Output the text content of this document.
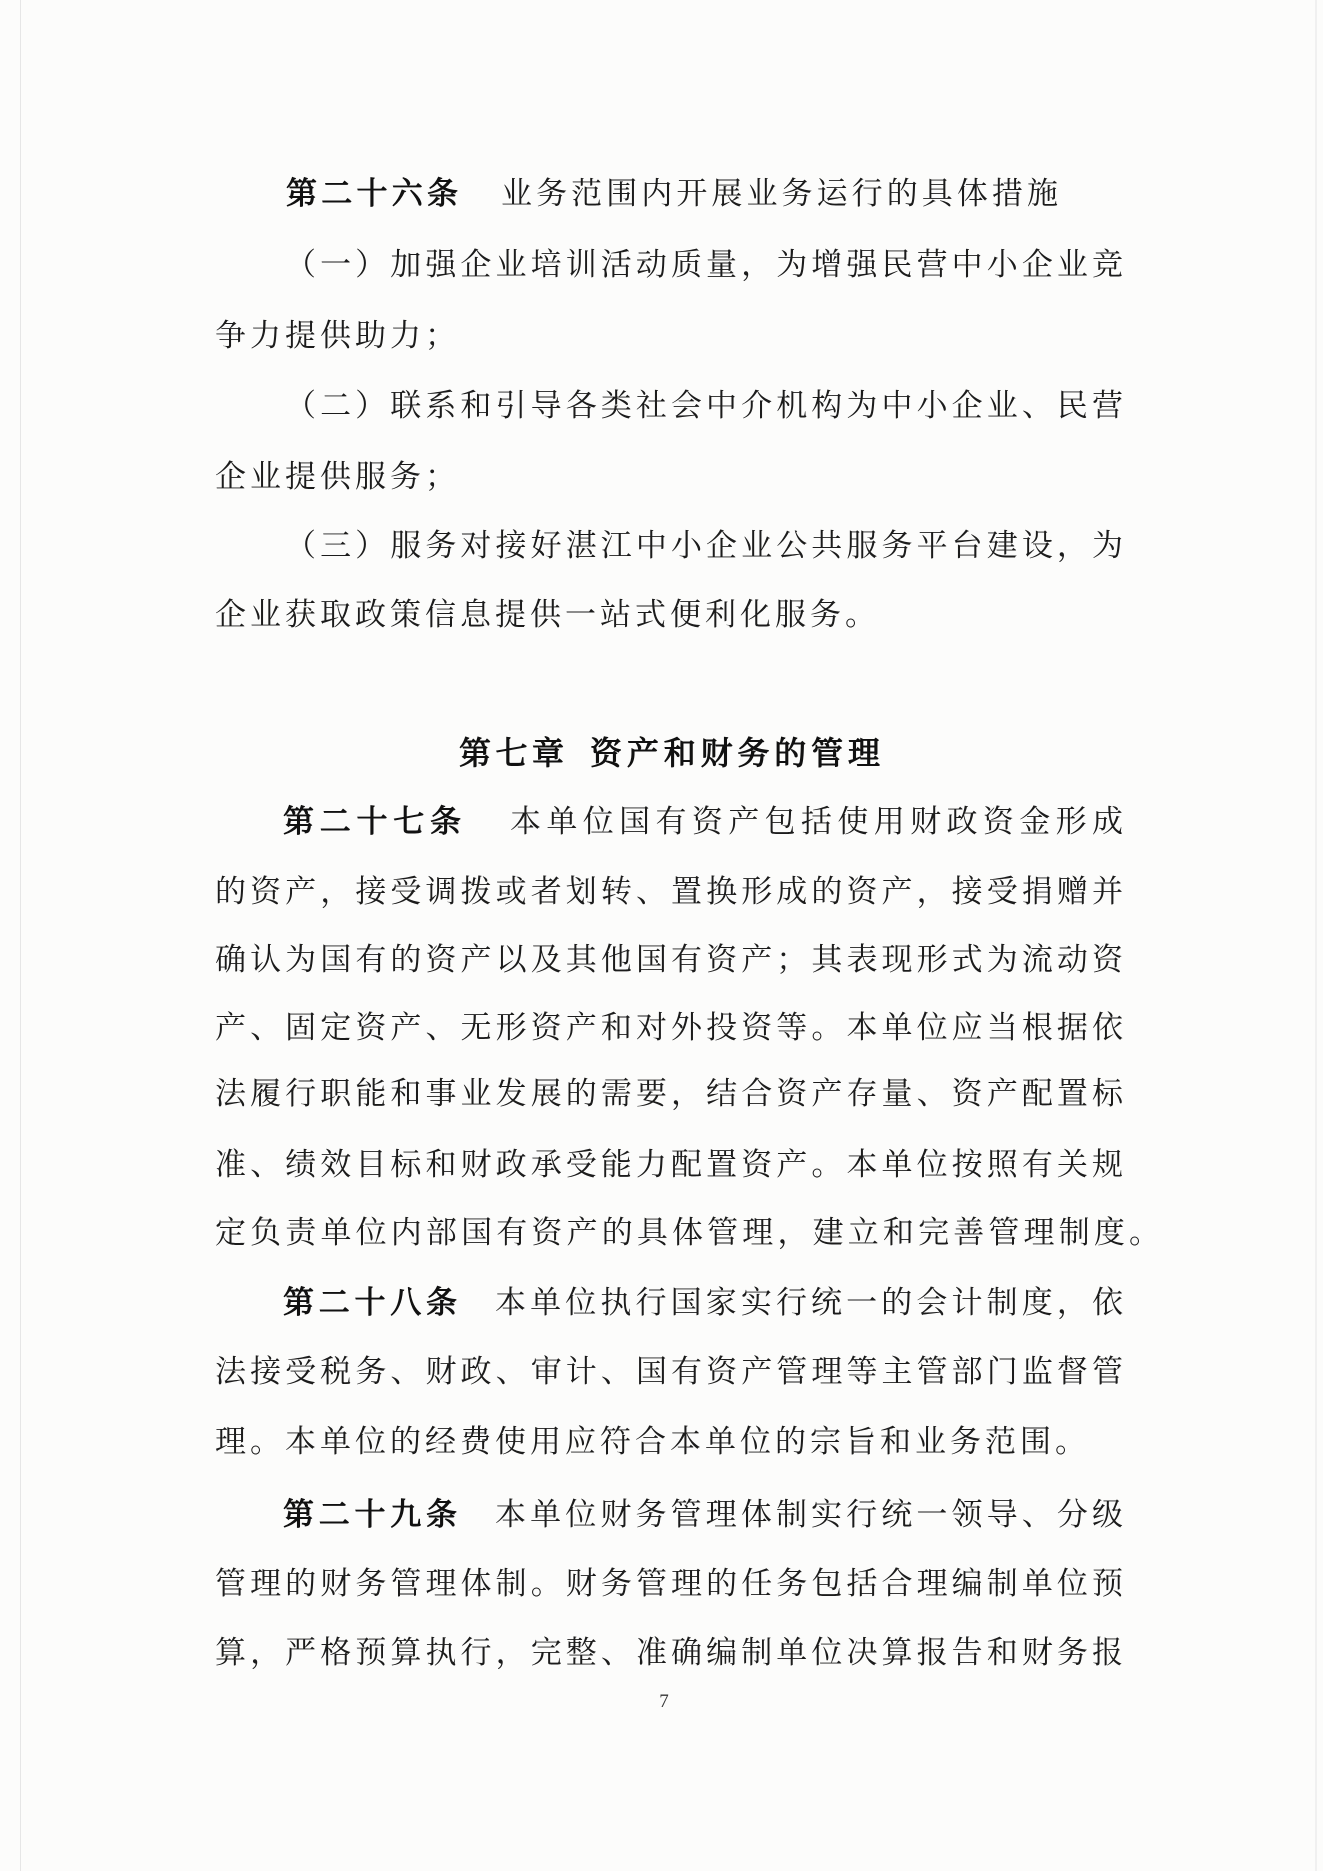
第二十六条 业务范围内开展业务运行的具体措施
（一）加强企业培训活动质量，为增强民营中小企业竞
争力提供助力；
（二）联系和引导各类社会中介机构为中小企业、民营
企业提供服务；
（三）服务对接好湛江中小企业公共服务平台建设，为
企业获取政策信息提供一站式便利化服务。
第七章 资产和财务的管理
第二十七条 本单位国有资产包括使用财政资金形成
的资产，接受调拨或者划转、置换形成的资产，接受捐赠并
确认为国有的资产以及其他国有资产；其表现形式为流动资
产、固定资产、无形资产和对外投资等。本单位应当根据依
法履行职能和事业发展的需要，结合资产存量、资产配置标
准、绩效目标和财政承受能力配置资产。本单位按照有关规
定负责单位内部国有资产的具体管理，建立和完善管理制度。
第二十八条 本单位执行国家实行统一的会计制度，依
法接受税务、财政、审计、国有资产管理等主管部门监督管
理。本单位的经费使用应符合本单位的宗旨和业务范围。
第二十九条 本单位财务管理体制实行统一领导、分级
管理的财务管理体制。财务管理的任务包括合理编制单位预
算，严格预算执行，完整、准确编制单位决算报告和财务报
7
